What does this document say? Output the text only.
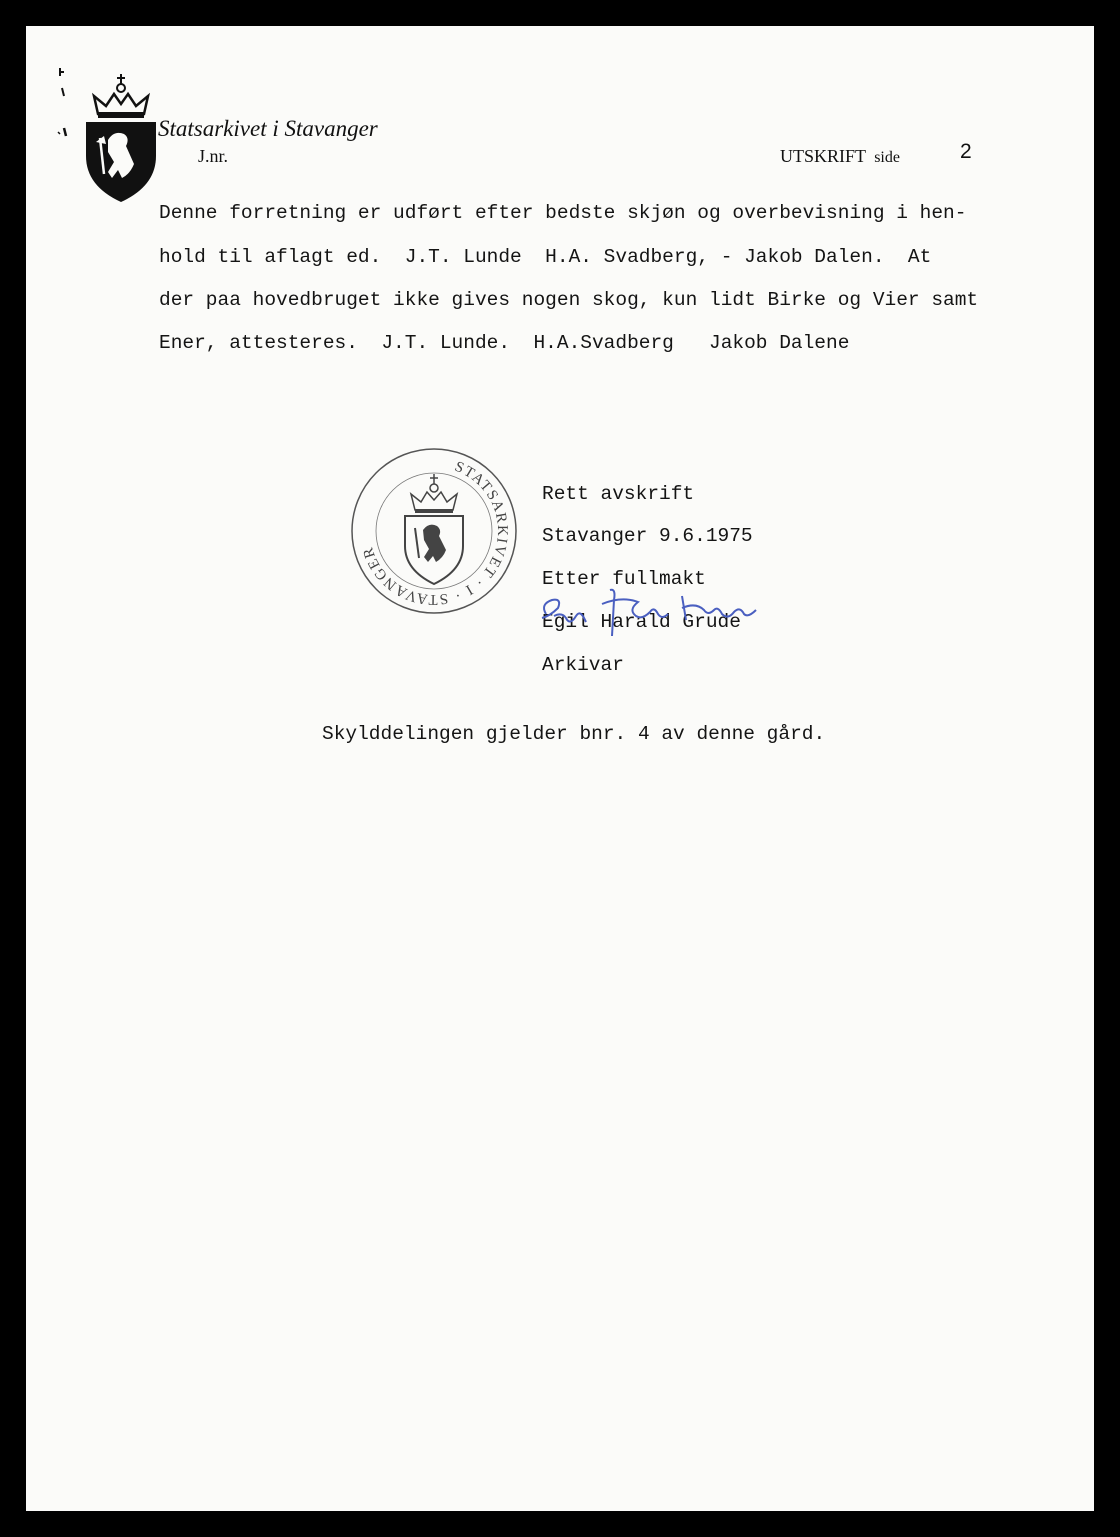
Statsarkivet i Stavanger
J.nr.	UTSKRIFT side	2
Denne forretning er udført efter bedste skjøn og overbevisning i hen-
hold til aflagt ed.  J.T. Lunde  H.A. Svadberg, - Jakob Dalen.  At
der paa hovedbruget ikke gives nogen skog, kun lidt Birke og Vier samt
Ener, attesteres.  J.T. Lunde.  H.A.Svadberg   Jakob Dalene
STATSARKIVET · I · STAVANGER
Rett avskrift
Stavanger 9.6.1975
Etter fullmakt
Egil Harald Grude
Arkivar
Skylddelingen gjelder bnr. 4 av denne gård.
